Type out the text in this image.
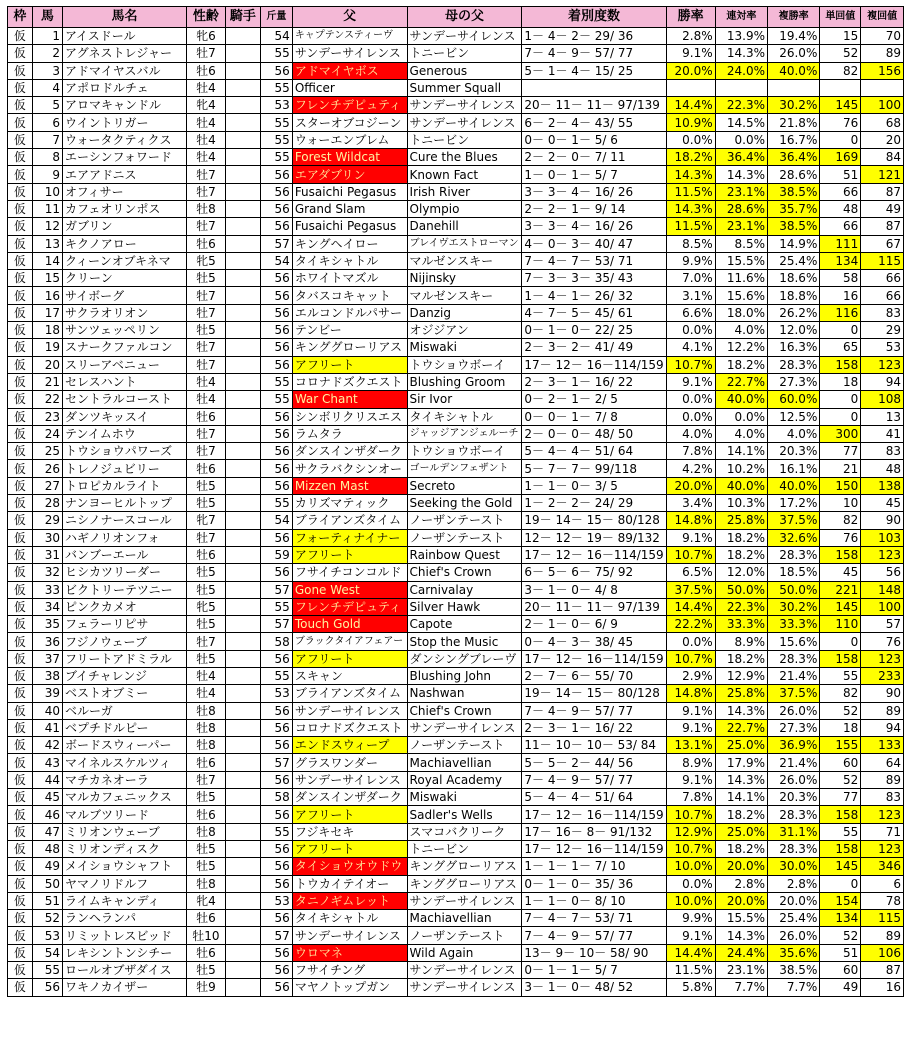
枠	馬	馬名	性齢	騎手	斤量	父	母の父	着別度数	勝率	連対率	複勝率	単回値	複回値
仮	1	アイスドール	牝6		54	キャプテンスティーヴ	サンデーサイレンス	1－ 4－ 2－ 29/ 36	2.8%	13.9%	19.4%	15	70
仮	2	アグネストレジャー	牡7		55	サンデーサイレンス	トニービン	7－ 4－ 9－ 57/ 77	9.1%	14.3%	26.0%	52	89
仮	3	アドマイヤスバル	牡6		56	アドマイヤボス	Generous	5－ 1－ 4－ 15/ 25	20.0%	24.0%	40.0%	82	156
仮	4	アポロドルチェ	牡4		55	Officer	Summer Squall						
仮	5	アロマキャンドル	牝4		53	フレンチデピュティ	サンデーサイレンス	20－ 11－ 11－ 97/139	14.4%	22.3%	30.2%	145	100
仮	6	ウイントリガー	牡4		55	スターオブコジーン	サンデーサイレンス	6－ 2－ 4－ 43/ 55	10.9%	14.5%	21.8%	76	68
仮	7	ウォータクティクス	牡4		55	ウォーエンブレム	トニービン	0－ 0－ 1－ 5/ 6	0.0%	0.0%	16.7%	0	20
仮	8	エーシンフォワード	牡4		55	Forest Wildcat	Cure the Blues	2－ 2－ 0－ 7/ 11	18.2%	36.4%	36.4%	169	84
仮	9	エアアドニス	牡7		56	エアダブリン	Known Fact	1－ 0－ 1－ 5/ 7	14.3%	14.3%	28.6%	51	121
仮	10	オフィサー	牡7		56	Fusaichi Pegasus	Irish River	3－ 3－ 4－ 16/ 26	11.5%	23.1%	38.5%	66	87
仮	11	カフェオリンポス	牡8		56	Grand Slam	Olympio	2－ 2－ 1－ 9/ 14	14.3%	28.6%	35.7%	48	49
仮	12	ガブリン	牡7		56	Fusaichi Pegasus	Danehill	3－ 3－ 4－ 16/ 26	11.5%	23.1%	38.5%	66	87
仮	13	キクノアロー	牡6		57	キングヘイロー	ブレイヴエストローマン	4－ 0－ 3－ 40/ 47	8.5%	8.5%	14.9%	111	67
仮	14	クィーンオブキネマ	牝5		54	タイキシャトル	マルゼンスキー	7－ 4－ 7－ 53/ 71	9.9%	15.5%	25.4%	134	115
仮	15	クリーン	牡5		56	ホワイトマズル	Nijinsky	7－ 3－ 3－ 35/ 43	7.0%	11.6%	18.6%	58	66
仮	16	サイボーグ	牡7		56	タバスコキャット	マルゼンスキー	1－ 4－ 1－ 26/ 32	3.1%	15.6%	18.8%	16	66
仮	17	サクラオリオン	牡7		56	エルコンドルパサー	Danzig	4－ 7－ 5－ 45/ 61	6.6%	18.0%	26.2%	116	83
仮	18	サンツェッペリン	牡5		56	テンビー	オジジアン	0－ 1－ 0－ 22/ 25	0.0%	4.0%	12.0%	0	29
仮	19	スナークファルコン	牡7		56	キンググローリアス	Miswaki	2－ 3－ 2－ 41/ 49	4.1%	12.2%	16.3%	65	53
仮	20	スリーアベニュー	牡7		56	アフリート	トウショウボーイ	17－ 12－ 16－114/159	10.7%	18.2%	28.3%	158	123
仮	21	セレスハント	牡4		55	コロナドズクエスト	Blushing Groom	2－ 3－ 1－ 16/ 22	9.1%	22.7%	27.3%	18	94
仮	22	セントラルコースト	牡4		55	War Chant	Sir Ivor	0－ 2－ 1－ 2/ 5	0.0%	40.0%	60.0%	0	108
仮	23	ダンツキッスイ	牡6		56	シンボリクリスエス	タイキシャトル	0－ 0－ 1－ 7/ 8	0.0%	0.0%	12.5%	0	13
仮	24	テンイムホウ	牡7		56	ラムタラ	ジャッジアンジェルーチ	2－ 0－ 0－ 48/ 50	4.0%	4.0%	4.0%	300	41
仮	25	トウショウパワーズ	牡7		56	ダンスインザダーク	トウショウボーイ	5－ 4－ 4－ 51/ 64	7.8%	14.1%	20.3%	77	83
仮	26	トレノジュビリー	牡6		56	サクラバクシンオー	ゴールデンフェザント	5－ 7－ 7－ 99/118	4.2%	10.2%	16.1%	21	48
仮	27	トロピカルライト	牡5		56	Mizzen Mast	Secreto	1－ 1－ 0－ 3/ 5	20.0%	40.0%	40.0%	150	138
仮	28	ナンヨーヒルトップ	牡5		55	カリズマティック	Seeking the Gold	1－ 2－ 2－ 24/ 29	3.4%	10.3%	17.2%	10	45
仮	29	ニシノナースコール	牝7		54	ブライアンズタイム	ノーザンテースト	19－ 14－ 15－ 80/128	14.8%	25.8%	37.5%	82	90
仮	30	ハギノリオンフォ	牡7		56	フォーティナイナー	ノーザンテースト	12－ 12－ 19－ 89/132	9.1%	18.2%	32.6%	76	103
仮	31	バンブーエール	牡6		59	アフリート	Rainbow Quest	17－ 12－ 16－114/159	10.7%	18.2%	28.3%	158	123
仮	32	ヒシカツリーダー	牡5		56	フサイチコンコルド	Chief's Crown	6－ 5－ 6－ 75/ 92	6.5%	12.0%	18.5%	45	56
仮	33	ビクトリーテツニー	牡5		57	Gone West	Carnivalay	3－ 1－ 0－ 4/ 8	37.5%	50.0%	50.0%	221	148
仮	34	ピンクカメオ	牝5		55	フレンチデピュティ	Silver Hawk	20－ 11－ 11－ 97/139	14.4%	22.3%	30.2%	145	100
仮	35	フェラーリピサ	牡5		57	Touch Gold	Capote	2－ 1－ 0－ 6/ 9	22.2%	33.3%	33.3%	110	57
仮	36	フジノウェーブ	牡7		58	ブラックタイアフェアー	Stop the Music	0－ 4－ 3－ 38/ 45	0.0%	8.9%	15.6%	0	76
仮	37	フリートアドミラル	牡5		56	アフリート	ダンシングブレーヴ	17－ 12－ 16－114/159	10.7%	18.2%	28.3%	158	123
仮	38	ブイチャレンジ	牡4		55	スキャン	Blushing John	2－ 7－ 6－ 55/ 70	2.9%	12.9%	21.4%	55	233
仮	39	ベストオブミー	牡4		53	ブライアンズタイム	Nashwan	19－ 14－ 15－ 80/128	14.8%	25.8%	37.5%	82	90
仮	40	ベルーガ	牡8		56	サンデーサイレンス	Chief's Crown	7－ 4－ 9－ 57/ 77	9.1%	14.3%	26.0%	52	89
仮	41	ベプチドルピー	牡8		56	コロナドズクエスト	サンデーサイレンス	2－ 3－ 1－ 16/ 22	9.1%	22.7%	27.3%	18	94
仮	42	ボードスウィーパー	牡8		56	エンドスウィープ	ノーザンテースト	11－ 10－ 10－ 53/ 84	13.1%	25.0%	36.9%	155	133
仮	43	マイネルスケルツィ	牡6		57	グラスワンダー	Machiavellian	5－ 5－ 2－ 44/ 56	8.9%	17.9%	21.4%	60	64
仮	44	マチカネオーラ	牡7		56	サンデーサイレンス	Royal Academy	7－ 4－ 9－ 57/ 77	9.1%	14.3%	26.0%	52	89
仮	45	マルカフェニックス	牡5		58	ダンスインザダーク	Miswaki	5－ 4－ 4－ 51/ 64	7.8%	14.1%	20.3%	77	83
仮	46	マルブツリード	牡6		56	アフリート	Sadler's Wells	17－ 12－ 16－114/159	10.7%	18.2%	28.3%	158	123
仮	47	ミリオンウェーブ	牡8		55	フジキセキ	スマコバクリーク	17－ 16－ 8－ 91/132	12.9%	25.0%	31.1%	55	71
仮	48	ミリオンディスク	牡5		56	アフリート	トニービン	17－ 12－ 16－114/159	10.7%	18.2%	28.3%	158	123
仮	49	メイショウシャフト	牡5		56	タイショウオウドウ	キンググローリアス	1－ 1－ 1－ 7/ 10	10.0%	20.0%	30.0%	145	346
仮	50	ヤマノリドルフ	牡8		56	トウカイテイオー	キンググローリアス	0－ 1－ 0－ 35/ 36	0.0%	2.8%	2.8%	0	6
仮	51	ライムキャンディ	牝4		53	タニノギムレット	サンデーサイレンス	1－ 1－ 0－ 8/ 10	10.0%	20.0%	20.0%	154	78
仮	52	ランヘランパ	牡6		56	タイキシャトル	Machiavellian	7－ 4－ 7－ 53/ 71	9.9%	15.5%	25.4%	134	115
仮	53	リミットレスビッド	牡10		57	サンデーサイレンス	ノーザンテースト	7－ 4－ 9－ 57/ 77	9.1%	14.3%	26.0%	52	89
仮	54	レキシントンシチー	牡6		56	ウロマネ	Wild Again	13－ 9－ 10－ 58/ 90	14.4%	24.4%	35.6%	51	106
仮	55	ロールオブザダイス	牡5		56	フサイチング	サンデーサイレンス	0－ 1－ 1－ 5/ 7	11.5%	23.1%	38.5%	60	87
仮	56	ワキノカイザー	牡9		56	マヤノトップガン	サンデーサイレンス	3－ 1－ 0－ 48/ 52	5.8%	7.7%	7.7%	49	16
